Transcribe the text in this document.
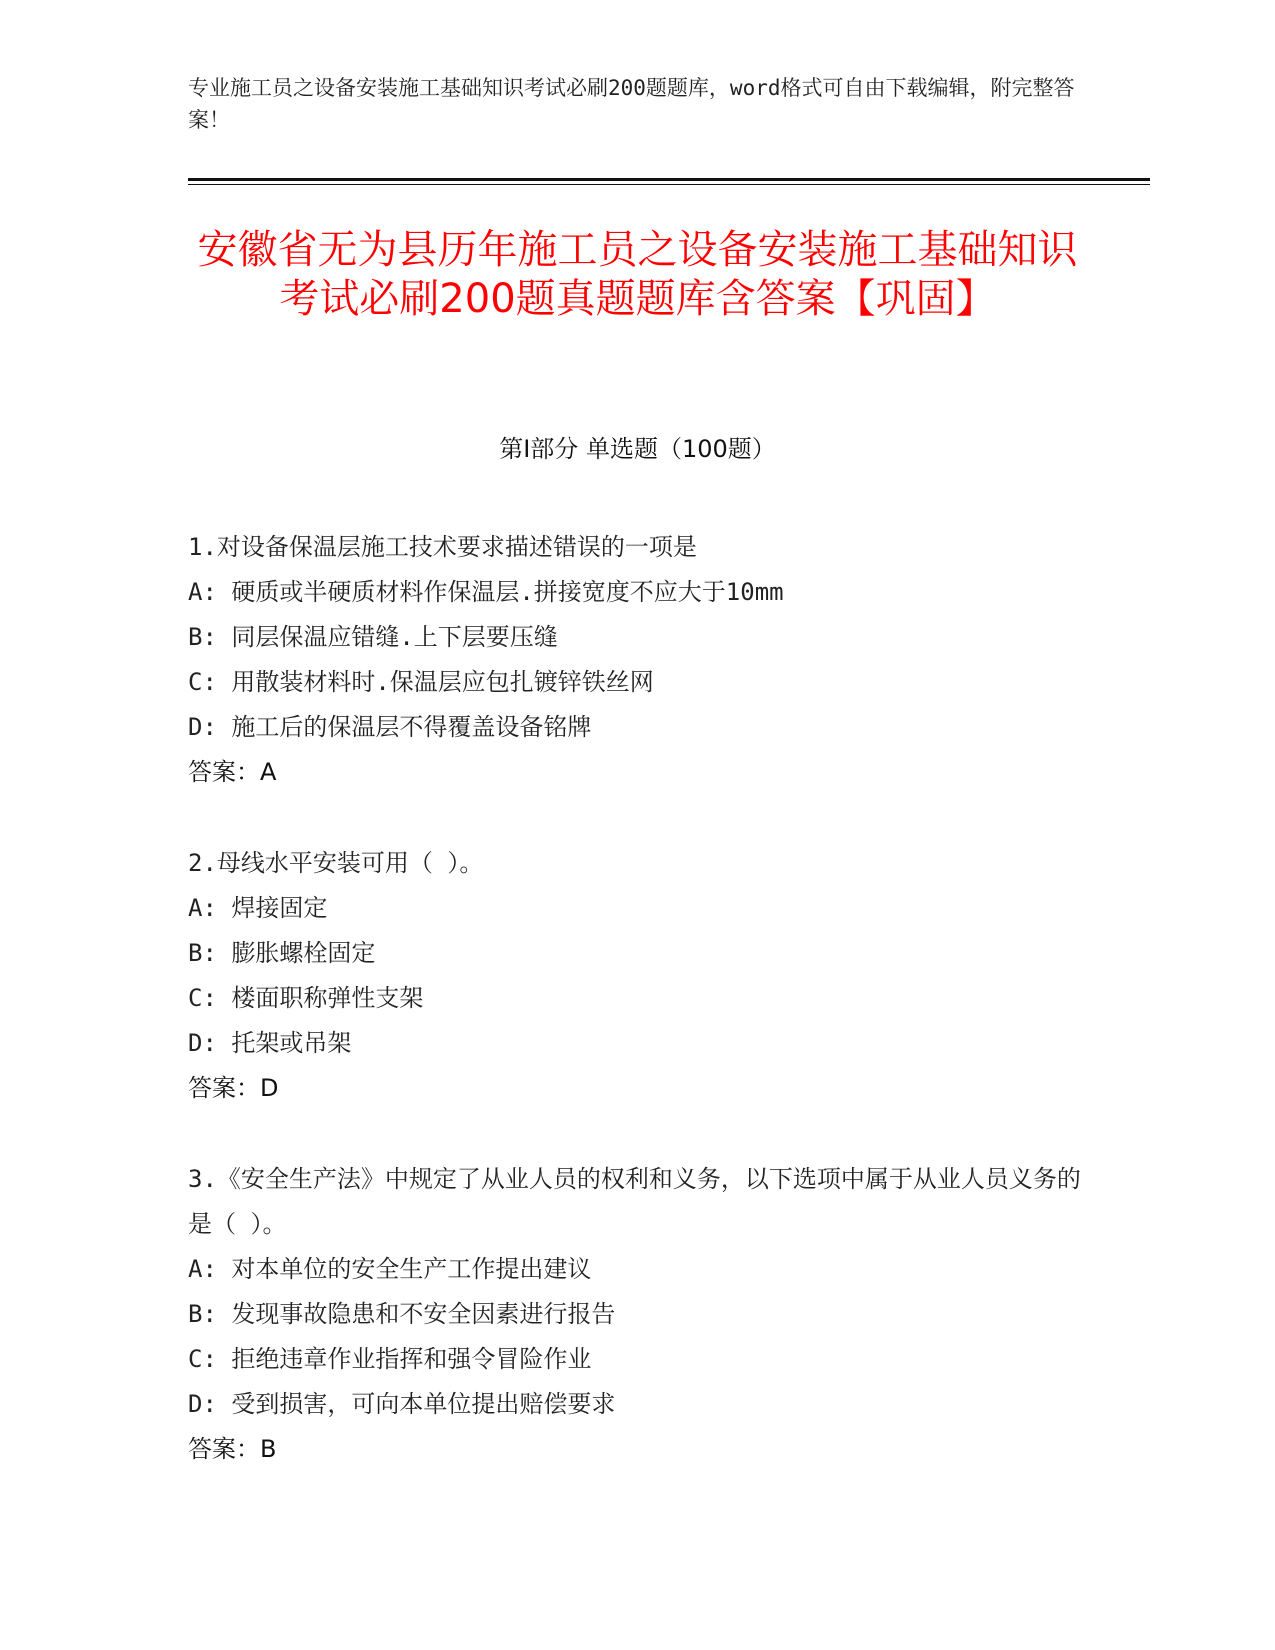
专业施工员之设备安装施工基础知识考试必刷200题题库，word格式可自由下载编辑，附完整答案！
安徽省无为县历年施工员之设备安装施工基础知识考试必刷200题真题题库含答案【巩固】
第Ⅰ部分 单选题（100题）
1.对设备保温层施工技术要求描述错误的一项是
A: 硬质或半硬质材料作保温层.拼接宽度不应大于10mm
B: 同层保温应错缝.上下层要压缝
C: 用散装材料时.保温层应包扎镀锌铁丝网
D: 施工后的保温层不得覆盖设备铭牌
答案：A
2.母线水平安装可用（ ）。
A: 焊接固定
B: 膨胀螺栓固定
C: 楼面职称弹性支架
D: 托架或吊架
答案：D
3.《安全生产法》中规定了从业人员的权利和义务，以下选项中属于从业人员义务的是（ ）。
A: 对本单位的安全生产工作提出建议
B: 发现事故隐患和不安全因素进行报告
C: 拒绝违章作业指挥和强令冒险作业
D: 受到损害，可向本单位提出赔偿要求
答案：B
